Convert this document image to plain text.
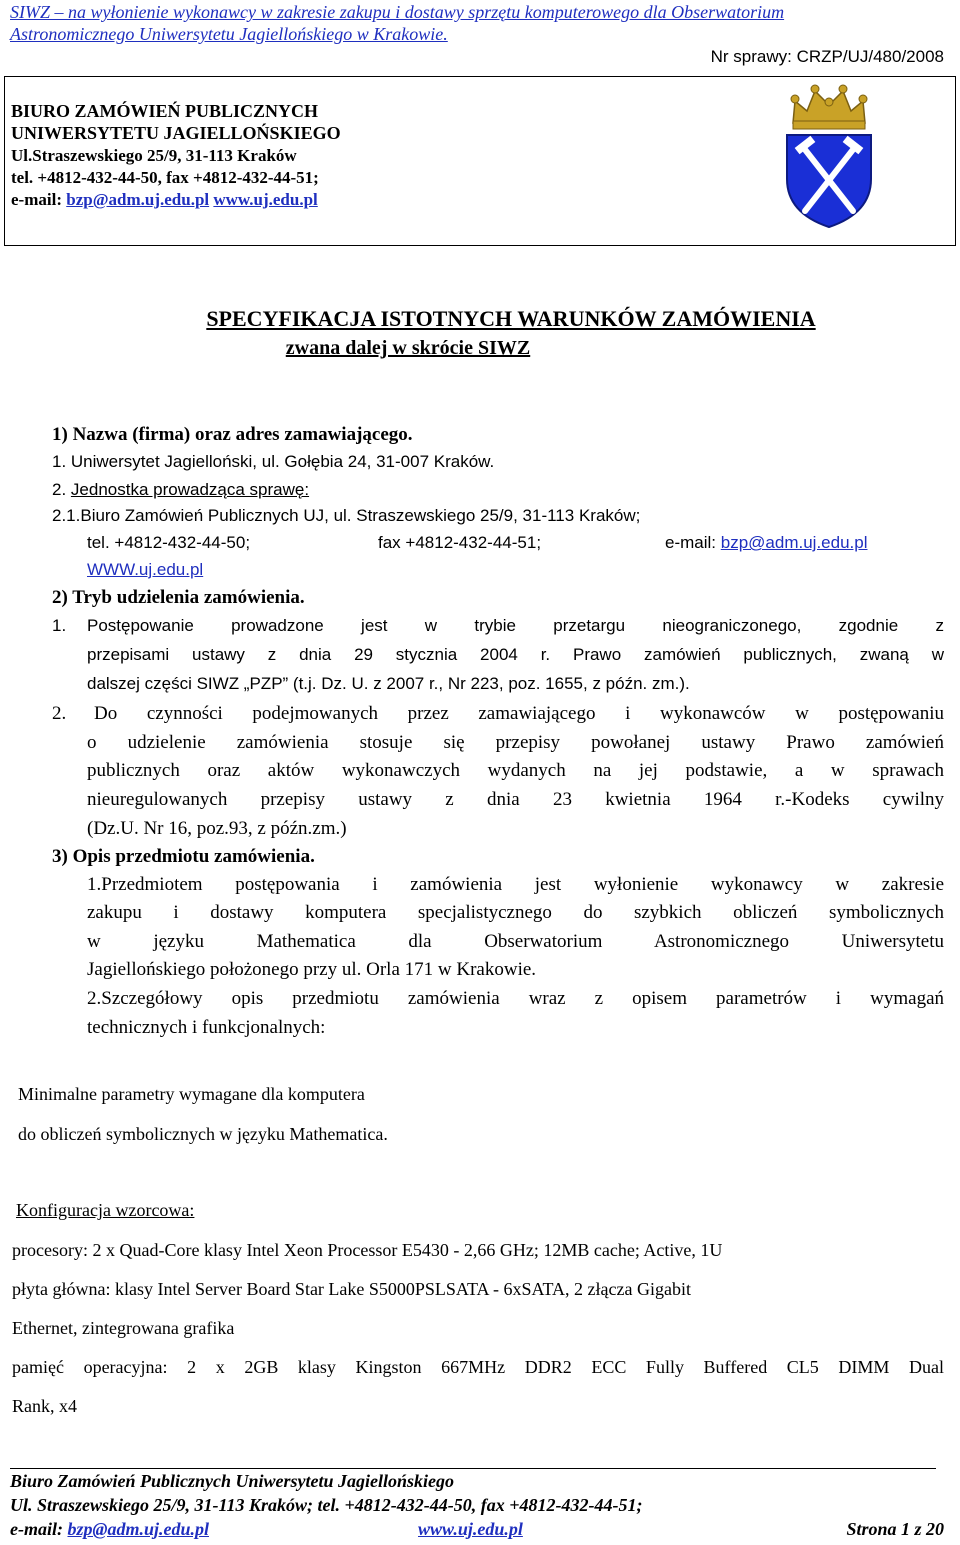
SIWZ – na wyłonienie wykonawcy w zakresie zakupu i dostawy sprzętu komputerowego dla Obserwatorium
Astronomicznego Uniwersytetu Jagiellońskiego w Krakowie.
Nr sprawy: CRZP/UJ/480/2008
BIURO ZAMÓWIEŃ PUBLICZNYCH
UNIWERSYTETU JAGIELLOŃSKIEGO
Ul.Straszewskiego 25/9, 31-113 Kraków
tel. +4812-432-44-50, fax +4812-432-44-51;
e-mail: bzp@adm.uj.edu.pl www.uj.edu.pl
SPECYFIKACJA ISTOTNYCH WARUNKÓW ZAMÓWIENIA
zwana dalej w skrócie SIWZ
1) Nazwa (firma) oraz adres zamawiającego.
1. Uniwersytet Jagielloński, ul. Gołębia 24, 31-007 Kraków.
2. Jednostka prowadząca sprawę:
2.1.Biuro Zamówień Publicznych UJ, ul. Straszewskiego 25/9, 31-113 Kraków;
tel. +4812-432-44-50;	fax +4812-432-44-51;	e-mail: bzp@adm.uj.edu.pl
WWW.uj.edu.pl
2) Tryb udzielenia zamówienia.
1. Postępowanie prowadzone jest w trybie przetargu nieograniczonego, zgodnie z
przepisami ustawy z dnia 29 stycznia 2004 r. Prawo zamówień publicznych, zwaną w
dalszej części SIWZ „PZP” (t.j. Dz. U. z 2007 r., Nr 223, poz. 1655, z późn. zm.).
2. Do czynności podejmowanych przez zamawiającego i wykonawców w postępowaniu
o udzielenie zamówienia stosuje się przepisy powołanej ustawy Prawo zamówień
publicznych oraz aktów wykonawczych wydanych na jej podstawie, a w sprawach
nieuregulowanych przepisy ustawy z dnia 23 kwietnia 1964 r.-Kodeks cywilny
(Dz.U. Nr 16, poz.93, z późn.zm.)
3) Opis przedmiotu zamówienia.
1.Przedmiotem postępowania i zamówienia jest wyłonienie wykonawcy w zakresie
zakupu i dostawy komputera specjalistycznego do szybkich obliczeń symbolicznych
w języku Mathematica dla Obserwatorium Astronomicznego Uniwersytetu
Jagiellońskiego położonego przy ul. Orla 171 w Krakowie.
2.Szczegółowy opis przedmiotu zamówienia wraz z opisem parametrów i wymagań
technicznych i funkcjonalnych:
Minimalne parametry wymagane dla komputera
do obliczeń symbolicznych w języku Mathematica.
Konfiguracja wzorcowa:
procesory: 2 x Quad-Core klasy Intel Xeon Processor E5430 - 2,66 GHz; 12MB cache; Active, 1U
płyta główna: klasy Intel Server Board Star Lake S5000PSLSATA - 6xSATA, 2 złącza Gigabit
Ethernet, zintegrowana grafika
pamięć operacyjna: 2 x 2GB klasy Kingston 667MHz DDR2 ECC Fully Buffered CL5 DIMM Dual
Rank, x4
Biuro Zamówień Publicznych Uniwersytetu Jagiellońskiego
Ul. Straszewskiego 25/9, 31-113 Kraków; tel. +4812-432-44-50, fax +4812-432-44-51;
e-mail: bzp@adm.uj.edu.pl	www.uj.edu.pl	Strona 1 z 20
